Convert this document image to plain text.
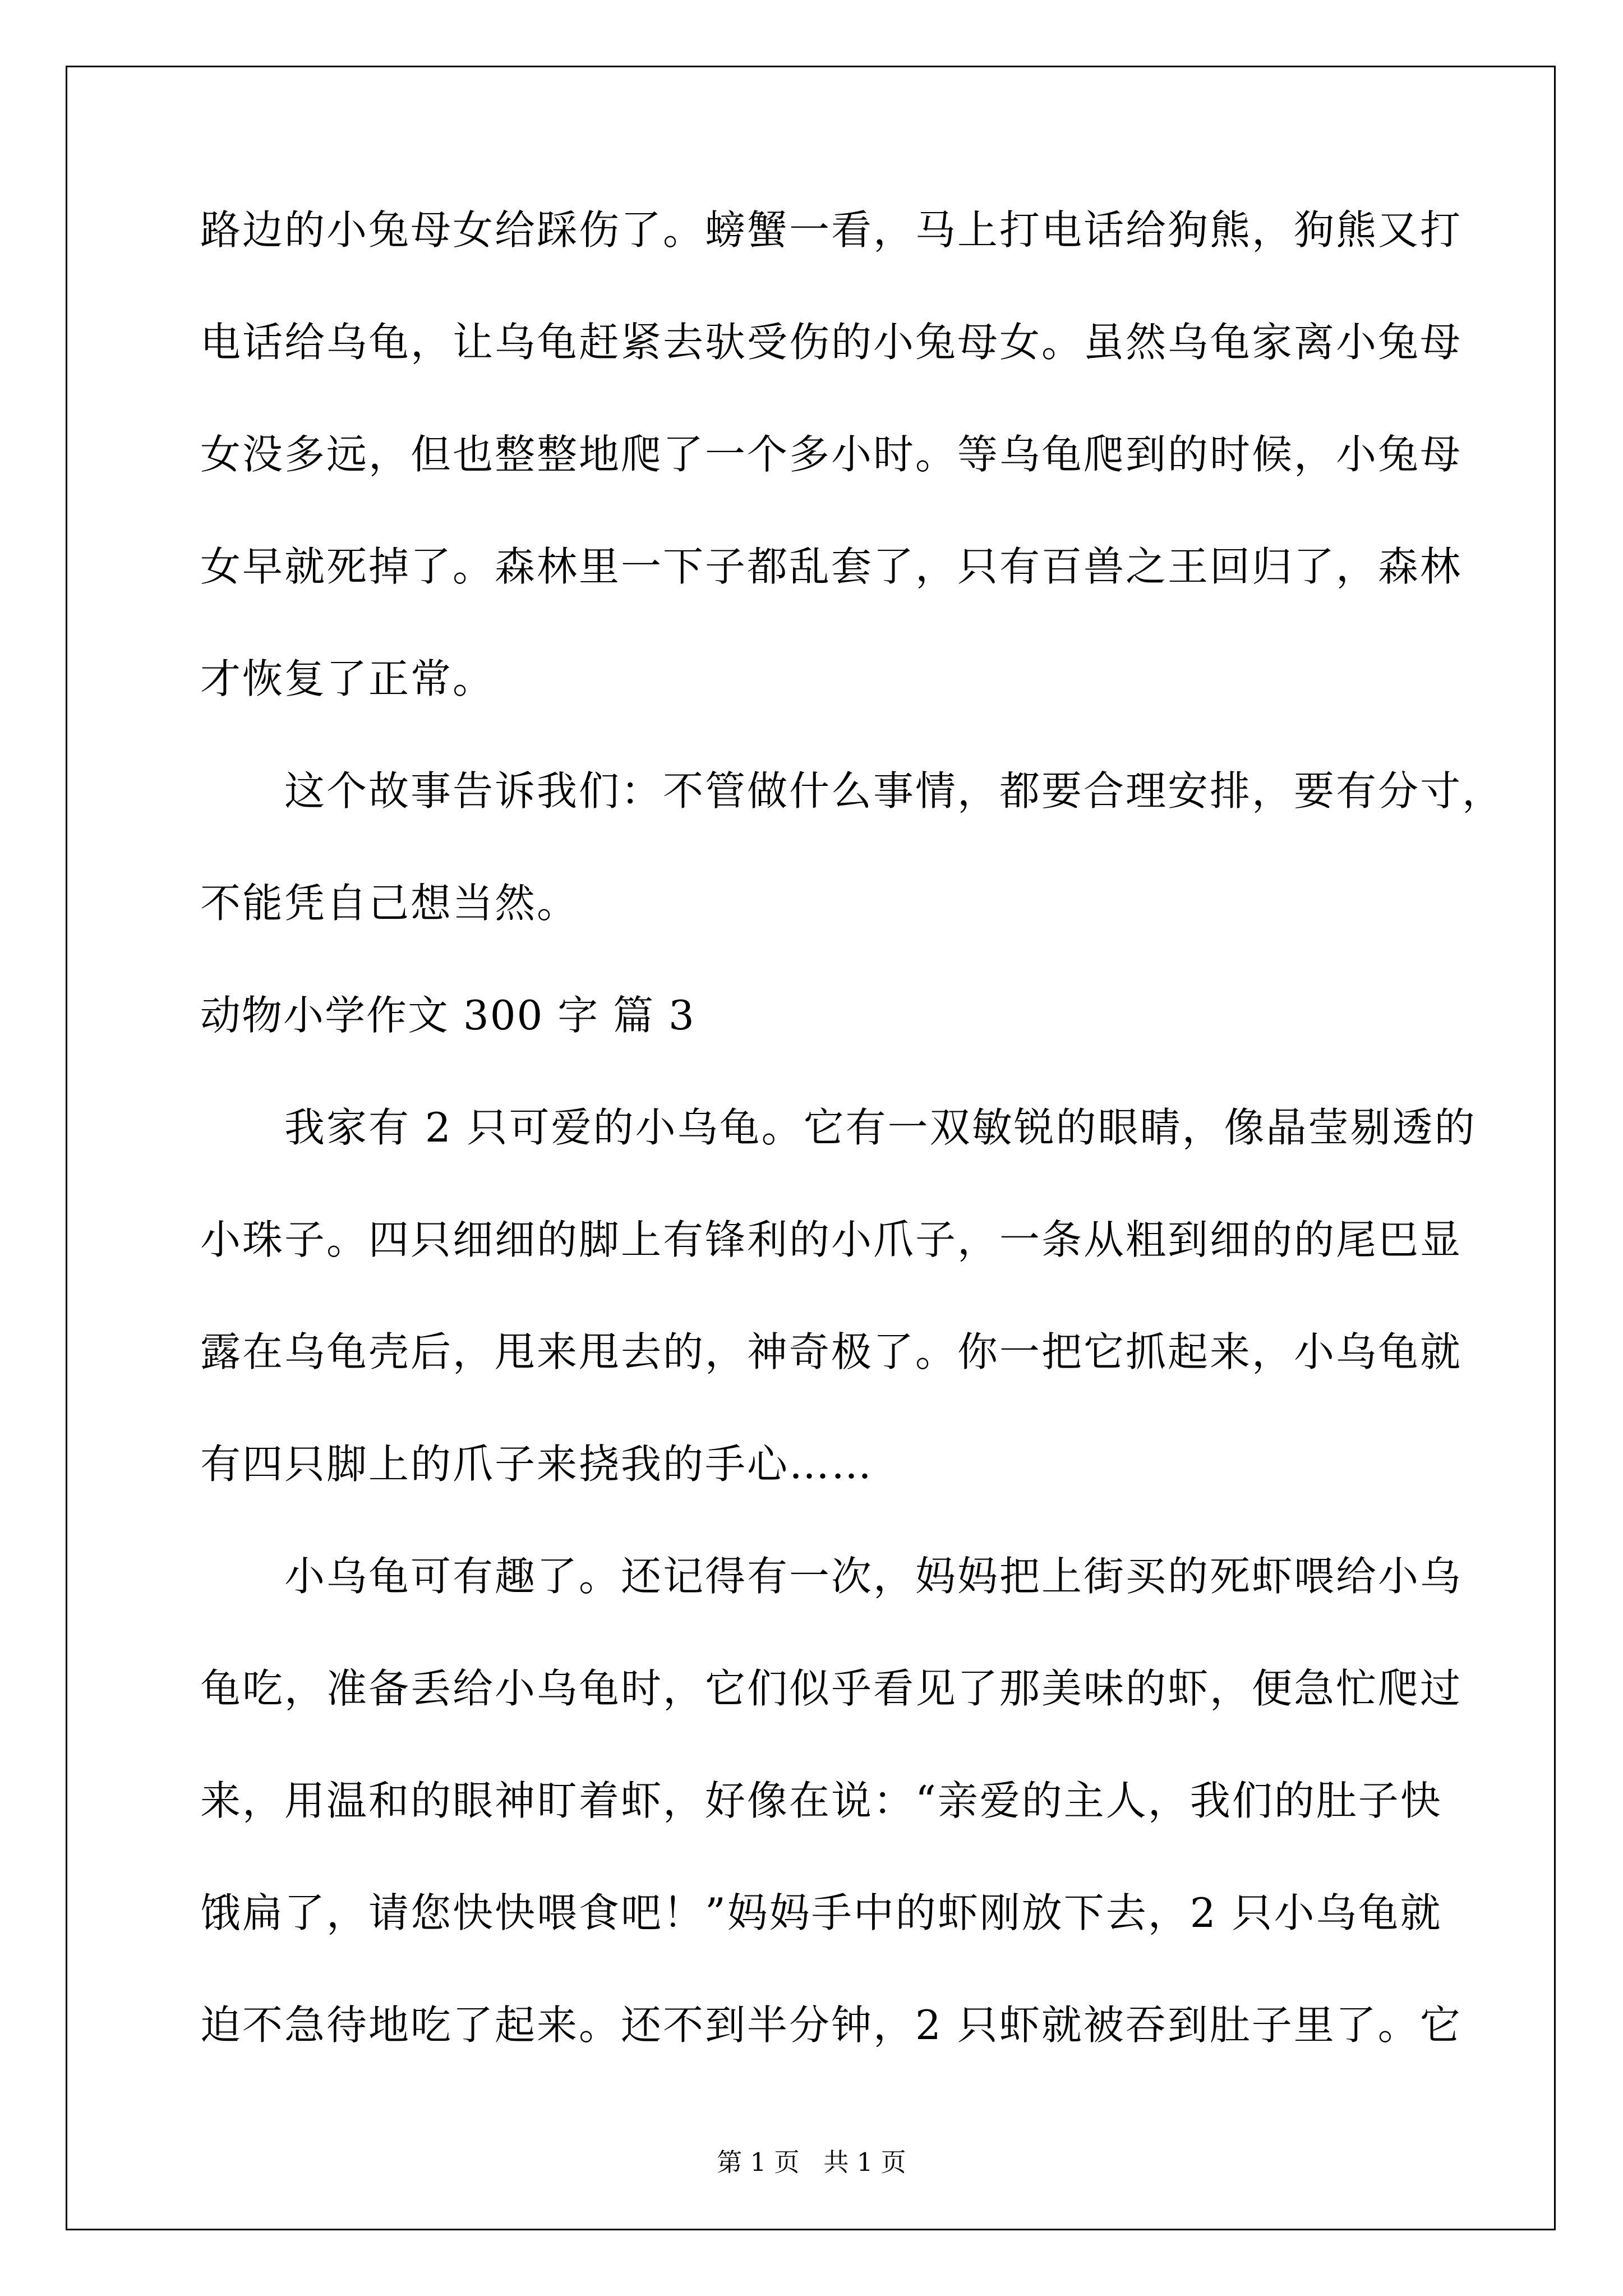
路边的小兔母女给踩伤了。螃蟹一看，马上打电话给狗熊，狗熊又打
电话给乌龟，让乌龟赶紧去驮受伤的小兔母女。虽然乌龟家离小兔母
女没多远，但也整整地爬了一个多小时。等乌龟爬到的时候，小兔母
女早就死掉了。森林里一下子都乱套了，只有百兽之王回归了，森林
才恢复了正常。
　　这个故事告诉我们：不管做什么事情，都要合理安排，要有分寸，
不能凭自己想当然。
动物小学作文 300 字 篇 3
　　我家有 2 只可爱的小乌龟。它有一双敏锐的眼睛，像晶莹剔透的
小珠子。四只细细的脚上有锋利的小爪子，一条从粗到细的的尾巴显
露在乌龟壳后，甩来甩去的，神奇极了。你一把它抓起来，小乌龟就
有四只脚上的爪子来挠我的手心……
　　小乌龟可有趣了。还记得有一次，妈妈把上街买的死虾喂给小乌
龟吃，准备丢给小乌龟时，它们似乎看见了那美味的虾，便急忙爬过
来，用温和的眼神盯着虾，好像在说：“亲爱的主人，我们的肚子快
饿扁了，请您快快喂食吧！”妈妈手中的虾刚放下去，2 只小乌龟就
迫不急待地吃了起来。还不到半分钟，2 只虾就被吞到肚子里了。它
第 1 页   共 1 页
